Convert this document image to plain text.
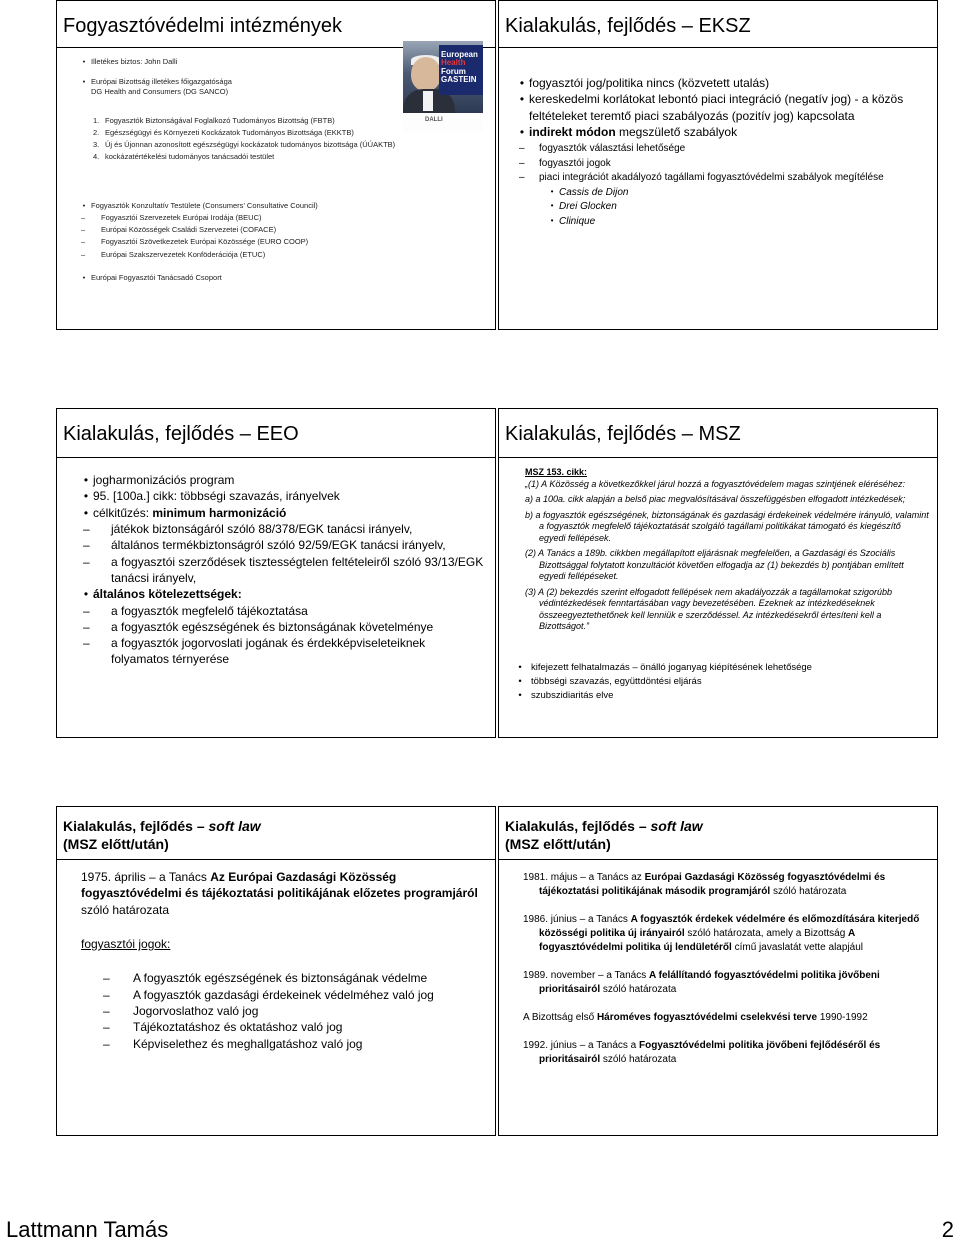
Fogyasztóvédelmi intézmények
European
Health
Forum
GASTEIN
DALLI
• Illetékes biztos: John Dalli
• Európai Bizottság illetékes főigazgatósága
DG Health and Consumers (DG SANCO)
1. Fogyasztók Biztonságával Foglalkozó Tudományos Bizottság (FBTB)
2. Egészségügyi és Környezeti Kockázatok Tudományos Bizottsága (EKKTB)
3. Új és Újonnan azonosított egészségügyi kockázatok tudományos bizottsága (ÚÚAKTB)
4. kockázatértékelési tudományos tanácsadói testület
• Fogyasztók Konzultatív Testülete (Consumers’ Consultative Council)
–	Fogyasztói Szervezetek Európai Irodája (BEUC)
–	Európai Közösségek Családi Szervezetei (COFACE)
–	Fogyasztói Szövetkezetek Európai Közössége (EURO COOP)
–	Európai Szakszervezetek Konföderációja (ETUC)
• Európai Fogyasztói Tanácsadó Csoport
Kialakulás, fejlődés – EKSZ
• fogyasztói jog/politika nincs (közvetett utalás)
• kereskedelmi korlátokat lebontó piaci integráció (negatív jog) - a közös feltételeket teremtő piaci szabályozás (pozitív jog) kapcsolata
• indirekt módon megszülető szabályok
–	fogyasztók választási lehetősége
–	fogyasztói jogok
–	piaci integrációt akadályozó tagállami fogyasztóvédelmi szabályok megítélése
• Cassis de Dijon
• Drei Glocken
• Clinique
Kialakulás, fejlődés – EEO
• jogharmonizációs program
• 95. [100a.] cikk: többségi szavazás, irányelvek
• célkitűzés: minimum harmonizáció
–	játékok biztonságáról szóló 88/378/EGK tanácsi irányelv,
–	általános termékbiztonságról szóló 92/59/EGK tanácsi irányelv,
–	a fogyasztói szerződések tisztességtelen feltételeiről szóló 93/13/EGK tanácsi irányelv,
• általános kötelezettségek:
–	a fogyasztók megfelelő tájékoztatása
–	a fogyasztók egészségének és biztonságának követelménye
–	a fogyasztók jogorvoslati jogának és érdekképviseleteiknek folyamatos térnyerése
Kialakulás, fejlődés – MSZ
MSZ 153. cikk:
„(1) A Közösség a következőkkel járul hozzá a fogyasztóvédelem magas szintjének eléréséhez:
a) a 100a. cikk alapján a belső piac megvalósításával összefüggésben elfogadott intézkedések;
b) a fogyasztók egészségének, biztonságának és gazdasági érdekeinek védelmére irányuló, valamint a fogyasztók megfelelő tájékoztatását szolgáló tagállami politikákat támogató és kiegészítő egyedi fellépések.
(2) A Tanács a 189b. cikkben megállapított eljárásnak megfelelően, a Gazdasági és Szociális Bizottsággal folytatott konzultációt követően elfogadja az (1) bekezdés b) pontjában említett egyedi fellépéseket.
(3) A (2) bekezdés szerint elfogadott fellépések nem akadályozzák a tagállamokat szigorúbb védintézkedések fenntartásában vagy bevezetésében. Ezeknek az intézkedéseknek összeegyeztethetőnek kell lenniük e szerződéssel. Az intézkedésekről értesíteni kell a Bizottságot.”
• kifejezett felhatalmazás – önálló joganyag kiépítésének lehetősége
• többségi szavazás, együttdöntési eljárás
• szubszidiaritás elve
Kialakulás, fejlődés – soft law
(MSZ előtt/után)
1975. április – a Tanács Az Európai Gazdasági Közösség fogyasztóvédelmi és tájékoztatási politikájának előzetes programjáról szóló határozata
fogyasztói jogok:
–	A fogyasztók egészségének és biztonságának védelme
–	A fogyasztók gazdasági érdekeinek védelméhez való jog
–	Jogorvoslathoz való jog
–	Tájékoztatáshoz és oktatáshoz való jog
–	Képviselethez és meghallgatáshoz való jog
Kialakulás, fejlődés – soft law
(MSZ előtt/után)
1981. május – a Tanács az Európai Gazdasági Közösség fogyasztóvédelmi és tájékoztatási politikájának második programjáról szóló határozata
1986. június – a Tanács A fogyasztók érdekek védelmére és előmozdítására kiterjedő közösségi politika új irányairól szóló határozata, amely a Bizottság A fogyasztóvédelmi politika új lendületéről című javaslatát vette alapjául
1989. november – a Tanács A felállítandó fogyasztóvédelmi politika jövőbeni prioritásairól szóló határozata
A Bizottság első Hároméves fogyasztóvédelmi cselekvési terve 1990-1992
1992. június – a Tanács a Fogyasztóvédelmi politika jövőbeni fejlődéséről és prioritásairól szóló határozata
Lattmann Tamás	2
